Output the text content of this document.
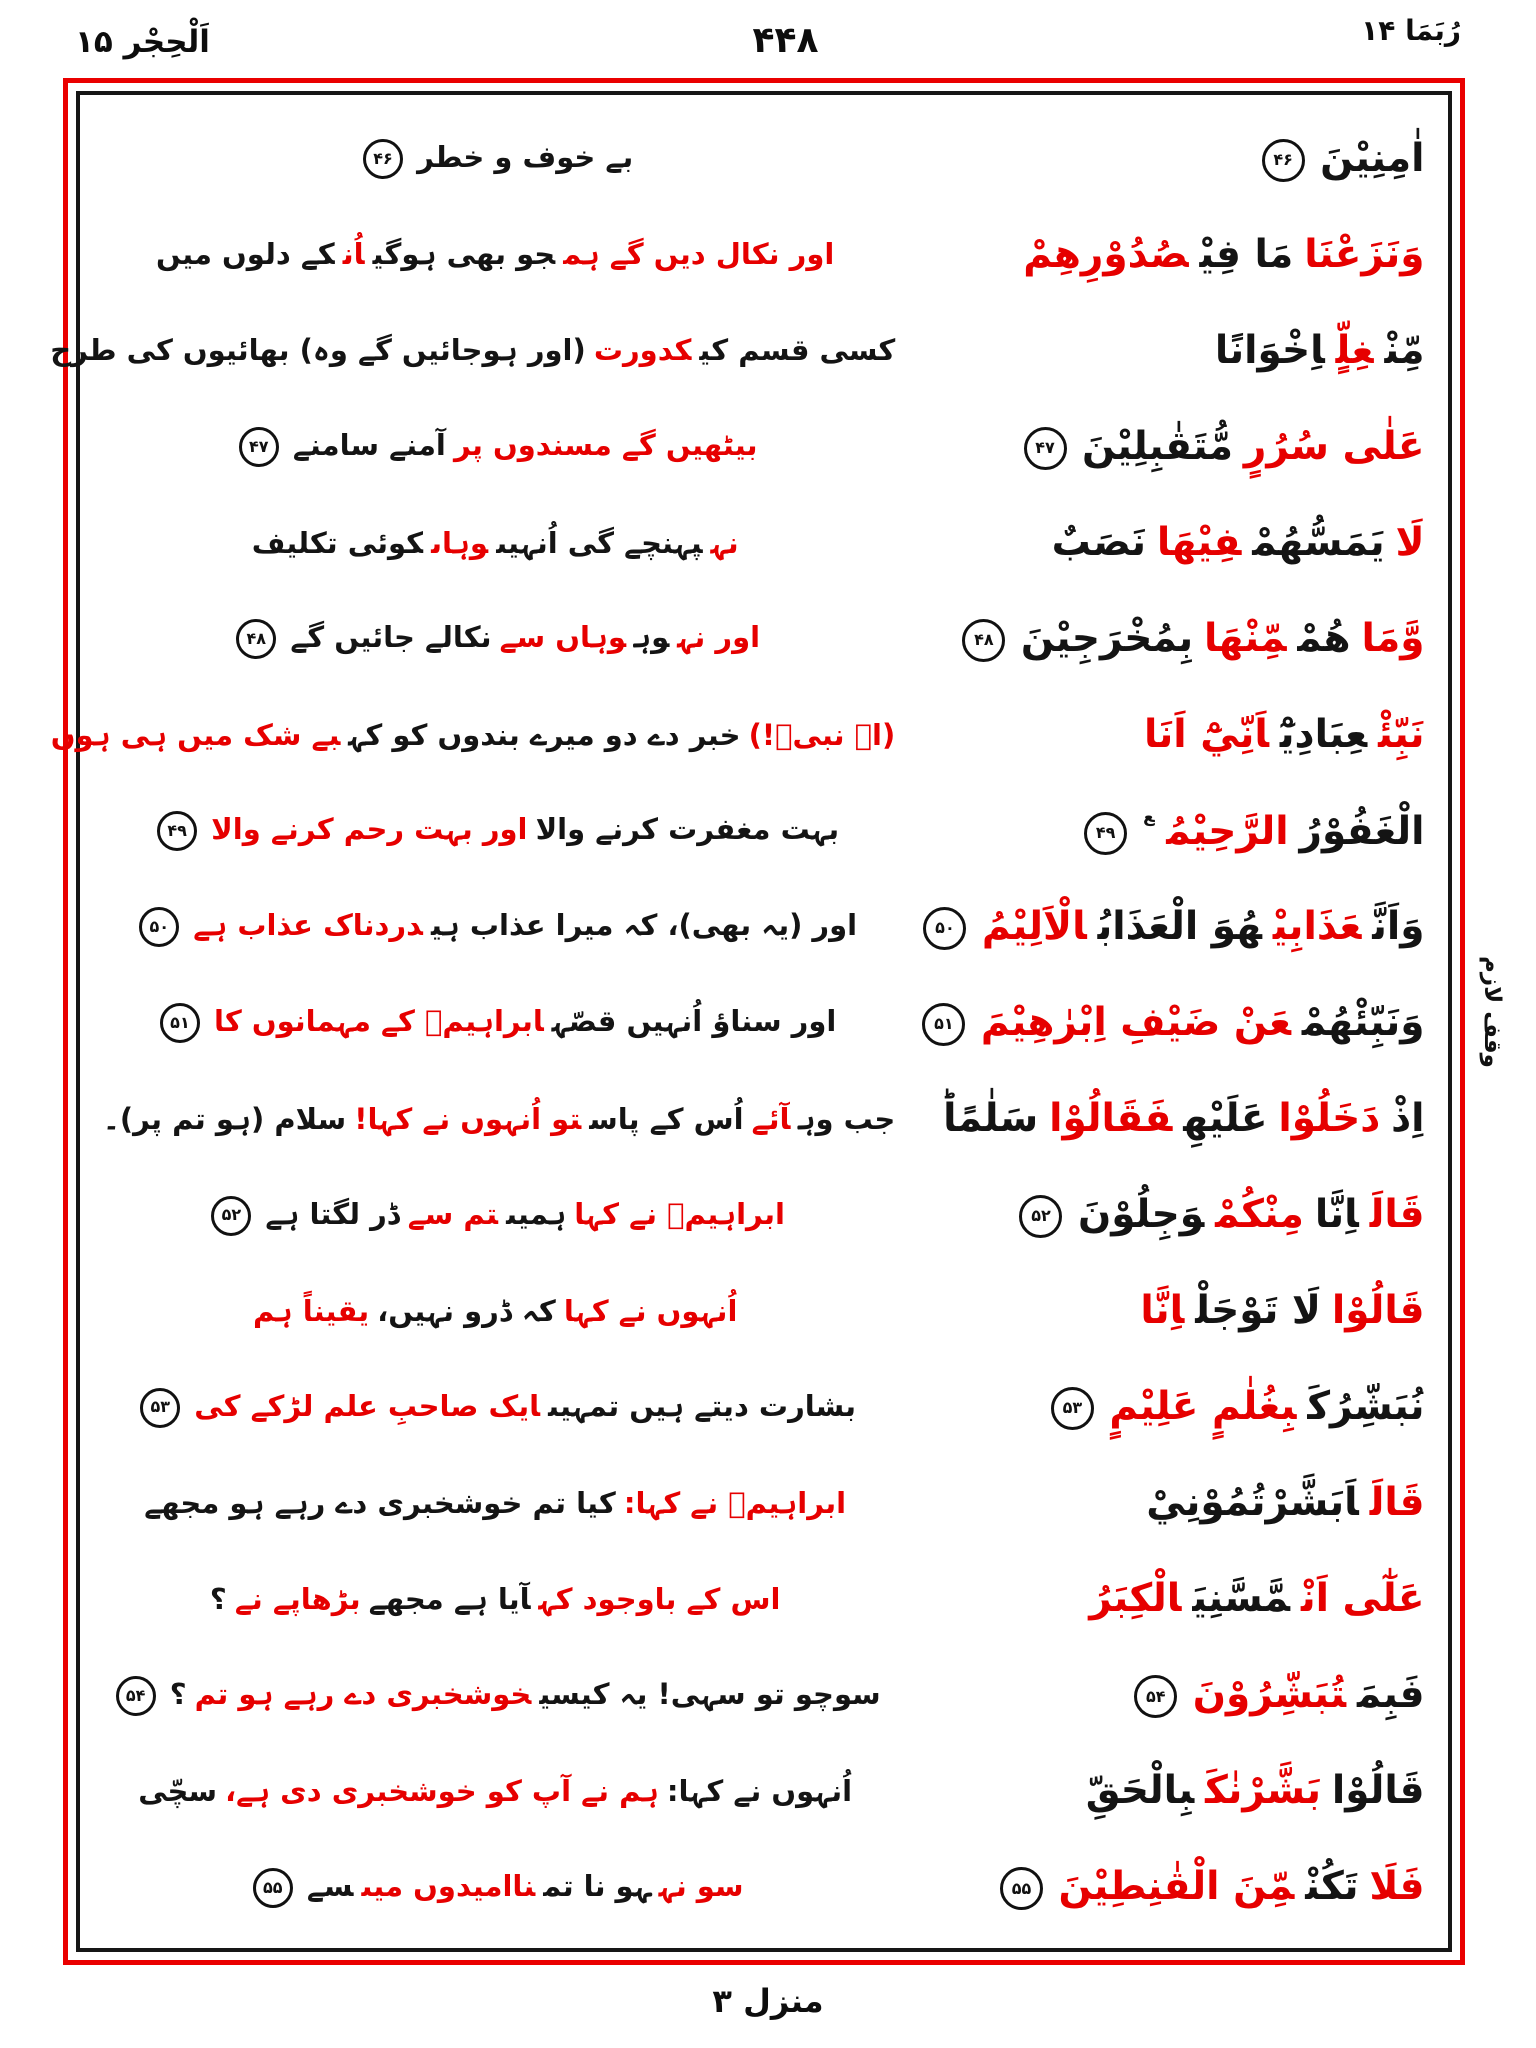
اَلْحِجْر ۱۵	۴۴۸	رُبَمَا ۱۴
اٰمِنِيْنَ۴۶
بے خوف و خطر۴۶
وَنَزَعْنَامَا فِيْصُدُوْرِهِمْ
اور نکال دیں گے ہمجو بھی ہوگیاُنکے دلوں میں
مِّنْغِلٍّاِخْوَانًا
کسی قسم کیکدورت(اور ہوجائیں گے وہ) بھائیوں کی طرح
عَلٰى سُرُرٍمُّتَقٰبِلِيْنَ۴۷
بیٹھیں گے مسندوں پرآمنے سامنے۴۷
لَايَمَسُّهُمْفِيْهَانَصَبٌ
نہپہنچے گی اُنہیںوہاںکوئی تکلیف
وَّمَاهُمْمِّنْهَابِمُخْرَجِيْنَ۴۸
اور نہوہوہاں سےنکالے جائیں گے۴۸
نَبِّئْعِبَادِيْٓاَنِّيْٓ اَنَا
(اے نبیؐ!)خبر دے دو میرے بندوں کو کہبے شک میں ہی ہوں
الْغَفُوْرُالرَّحِيْمُ$^ع$۴۹
بہت مغفرت کرنے والااور بہت رحم کرنے والا۴۹
وَاَنَّعَذَابِيْهُوَ الْعَذَابُالْاَلِيْمُ۵۰
اور (یہ بھی)، کہ میرا عذاب ہیدردناک عذاب ہے۵۰
وَنَبِّئْهُمْعَنْ ضَيْفِ اِبْرٰهِيْمَ۵۱
اور سناؤ اُنہیں قصّہابراہیمؑ کے مہمانوں کا۵۱
اِذْدَخَلُوْاعَلَيْهِفَقَالُوْاسَلٰمًاؕ
جب وہآئےاُس کے پاستو اُنہوں نے کہا!سلام (ہو تم پر)۔
قَالَاِنَّامِنْكُمْوَجِلُوْنَ۵۲
ابراہیمؑ نے کہاہمیںتم سےڈر لگتا ہے۵۲
قَالُوْالَا تَوْجَلْاِنَّا
اُنہوں نے کہاکہ ڈرو نہیں،یقیناً ہم
نُبَشِّرُكَبِغُلٰمٍ عَلِيْمٍ۵۳
بشارت دیتے ہیں تمہیںایک صاحبِ علم لڑکے کی۵۳
قَالَاَبَشَّرْتُمُوْنِيْ
ابراہیمؑ نے کہا:کیا تم خوشخبری دے رہے ہو مجھے
عَلٰٓى اَنْمَّسَّنِيَالْكِبَرُ
اس کے باوجود کہآیا ہے مجھےبڑھاپے نے؟
فَبِمَتُبَشِّرُوْنَ۵۴
سوچو تو سہی! یہ کیسیخوشخبری دے رہے ہو تم؟۵۴
قَالُوْابَشَّرْنٰكَبِالْحَقِّ
اُنہوں نے کہا:ہم نے آپ کو خوشخبری دی ہے،سچّی
فَلَاتَكُنْمِّنَ الْقٰنِطِيْنَ۵۵
سو نہہو نا تمناامیدوں میںسے۵۵
وقف لازم
منزل ۳
